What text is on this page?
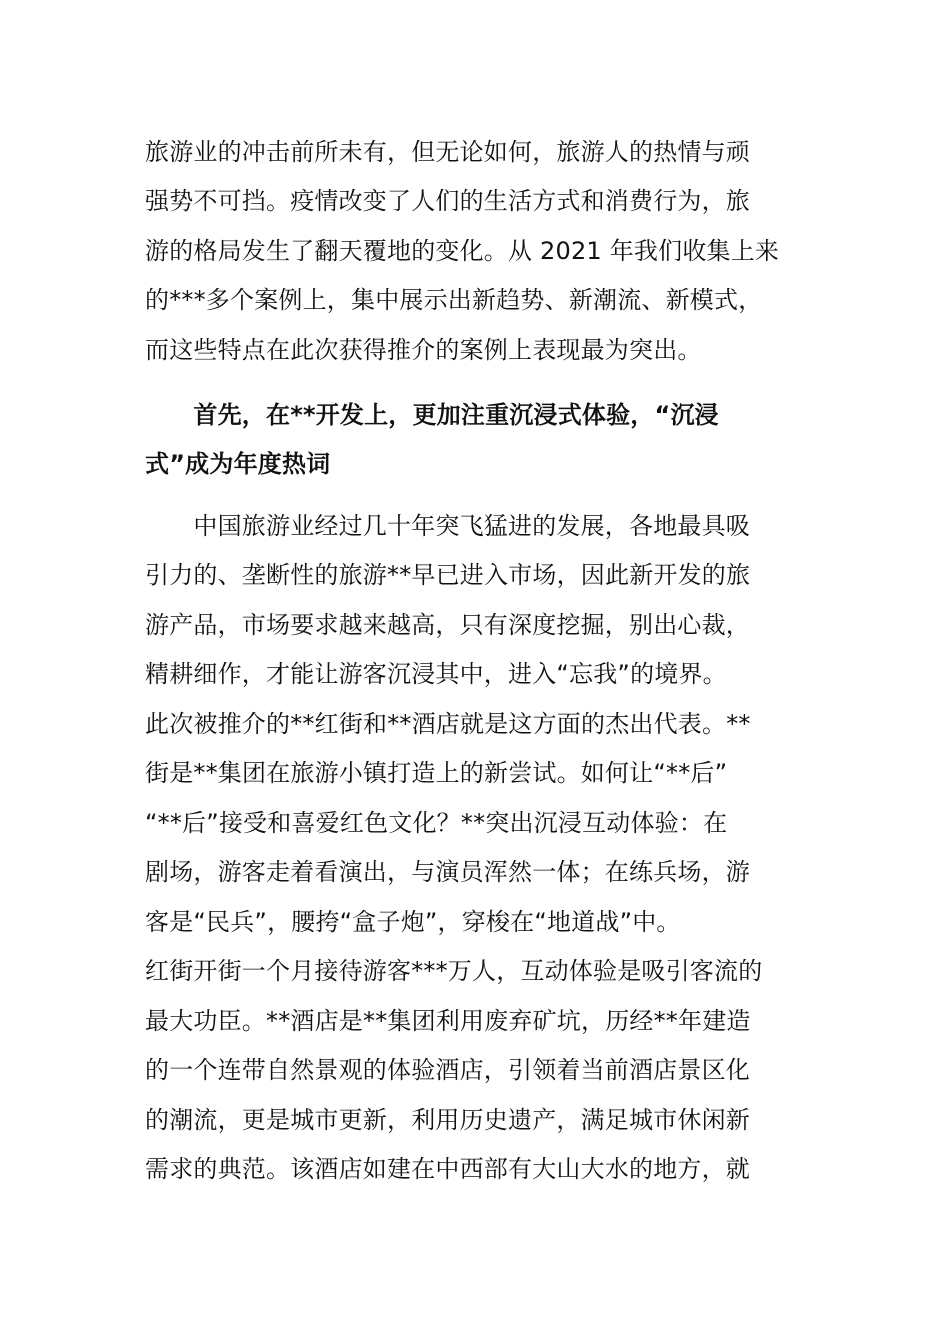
旅游业的冲击前所未有，但无论如何，旅游人的热情与顽
强势不可挡。疫情改变了人们的生活方式和消费行为，旅
游的格局发生了翻天覆地的变化。从 2021 年我们收集上来
的***多个案例上，集中展示出新趋势、新潮流、新模式，
而这些特点在此次获得推介的案例上表现最为突出。
　　首先，在**开发上，更加注重沉浸式体验，“沉浸
式”成为年度热词
　　中国旅游业经过几十年突飞猛进的发展，各地最具吸
引力的、垄断性的旅游**早已进入市场，因此新开发的旅
游产品，市场要求越来越高，只有深度挖掘，别出心裁，
精耕细作，才能让游客沉浸其中，进入“忘我”的境界。
此次被推介的**红街和**酒店就是这方面的杰出代表。**
街是**集团在旅游小镇打造上的新尝试。如何让“**后”
“**后”接受和喜爱红色文化？**突出沉浸互动体验：在
剧场，游客走着看演出，与演员浑然一体；在练兵场，游
客是“民兵”，腰挎“盒子炮”，穿梭在“地道战”中。
红街开街一个月接待游客***万人，互动体验是吸引客流的
最大功臣。**酒店是**集团利用废弃矿坑，历经**年建造
的一个连带自然景观的体验酒店，引领着当前酒店景区化
的潮流，更是城市更新，利用历史遗产，满足城市休闲新
需求的典范。该酒店如建在中西部有大山大水的地方，就
